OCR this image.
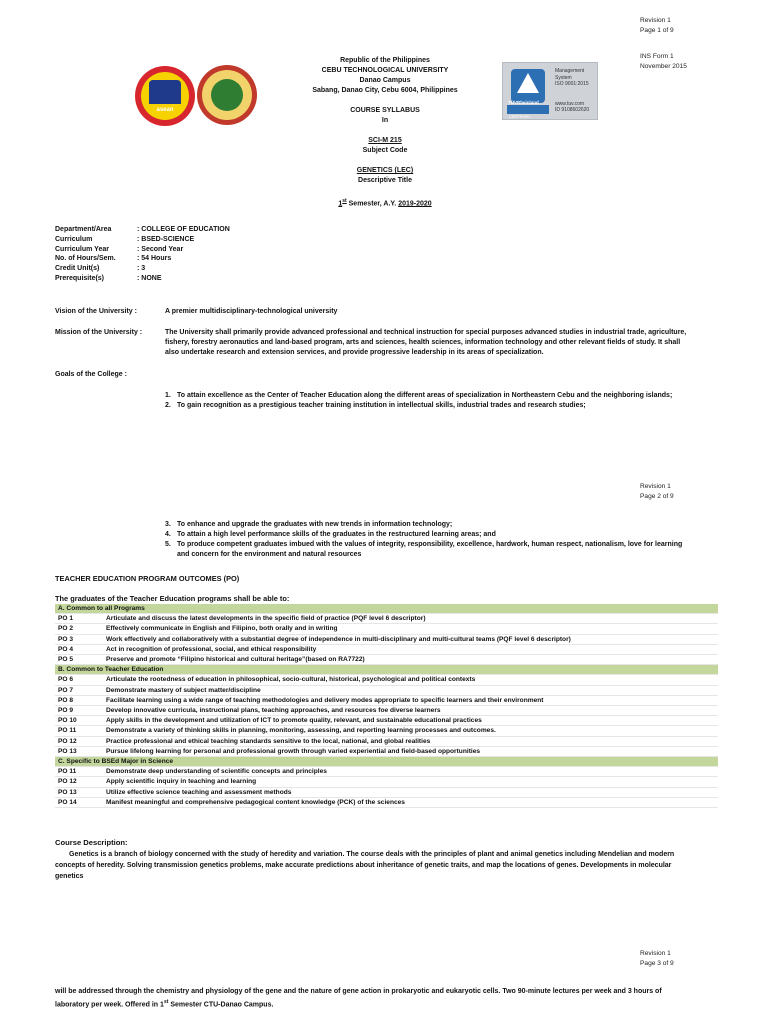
Revision 1
Page 1 of 9
INS Form 1
November 2015
asean
TÜVRheinland
Management
System
ISO 9001:2015
www.tuv.com
ID 9108602620
CERTIFIED
Republic of the Philippines
CEBU TECHNOLOGICAL UNIVERSITY
Danao Campus
Sabang, Danao City, Cebu 6004, Philippines
COURSE SYLLABUS
In
SCI-M 215
Subject Code
GENETICS (LEC)
Descriptive Title
1st Semester, A.Y. 2019-2020
Department/Area	: COLLEGE OF EDUCATION
Curriculum	: BSED-SCIENCE
Curriculum Year	: Second Year
No. of Hours/Sem.	: 54 Hours
Credit Unit(s)	: 3
Prerequisite(s)	: NONE
Vision of the University :	A premier multidisciplinary-technological university
Mission of the University :	The University shall primarily provide advanced professional and technical instruction for special purposes advanced studies in industrial trade, agriculture, fishery, forestry aeronautics and land-based program, arts and sciences, health sciences, information technology and other relevant fields of study. It shall also undertake research and extension services, and provide progressive leadership in its areas of specialization.
Goals of the College :
1. To attain excellence as the Center of Teacher Education along the different areas of specialization in Northeastern Cebu and the neighboring islands;
2. To gain recognition as a prestigious teacher training institution in intellectual skills, industrial trades and research studies;
Revision 1
Page 2 of 9
3. To enhance and upgrade the graduates with new trends in information technology;
4. To attain a high level performance skills of the graduates in the restructured learning areas; and
5. To produce competent graduates imbued with the values of integrity, responsibility, excellence, hardwork, human respect, nationalism, love for learning and concern for the environment and natural resources
TEACHER EDUCATION PROGRAM OUTCOMES (PO)
The graduates of the Teacher Education programs shall be able to:
A. Common to all Programs	
PO 1	Articulate and discuss the latest developments in the specific field of practice (PQF level 6 descriptor)
PO 2	Effectively communicate in English and Filipino, both orally and in writing
PO 3	Work effectively and collaboratively with a substantial degree of independence in multi-disciplinary and multi-cultural teams (PQF level 6 descriptor)
PO 4	Act in recognition of professional, social, and ethical responsibility
PO 5	Preserve and promote “Filipino historical and cultural heritage”(based on RA7722)
B. Common to Teacher Education	
PO 6	Articulate the rootedness of education in philosophical, socio-cultural, historical, psychological and political contexts
PO 7	Demonstrate mastery of subject matter/discipline
PO 8	Facilitate learning using a wide range of teaching methodologies and delivery modes appropriate to specific learners and their environment
PO 9	Develop innovative curricula, instructional plans, teaching approaches, and resources foe diverse learners
PO 10	Apply skills in the development and utilization of ICT to promote quality, relevant, and sustainable educational practices
PO 11	Demonstrate a variety of thinking skills in planning, monitoring, assessing, and reporting learning processes and outcomes.
PO 12	Practice professional and ethical teaching standards sensitive to the local, national, and global realities
PO 13	Pursue lifelong learning for personal and professional growth through varied experiential and field-based opportunities
C. Specific to BSEd Major in Science	
PO 11	Demonstrate deep understanding of scientific concepts and principles
PO 12	Apply scientific inquiry in teaching and learning
PO 13	Utilize effective science teaching and assessment methods
PO 14	Manifest meaningful and comprehensive pedagogical content knowledge (PCK) of the sciences
Course Description:
Genetics is a branch of biology concerned with the study of heredity and variation. The course deals with the principles of plant and animal genetics including Mendelian and modern concepts of heredity. Solving transmission genetics problems, make accurate predictions about inheritance of genetic traits, and map the locations of genes. Developments in molecular genetics
Revision 1
Page 3 of 9
will be addressed through the chemistry and physiology of the gene and the nature of gene action in prokaryotic and eukaryotic cells. Two 90-minute lectures per week and 3 hours of laboratory per week. Offered in 1st Semester CTU-Danao Campus.
